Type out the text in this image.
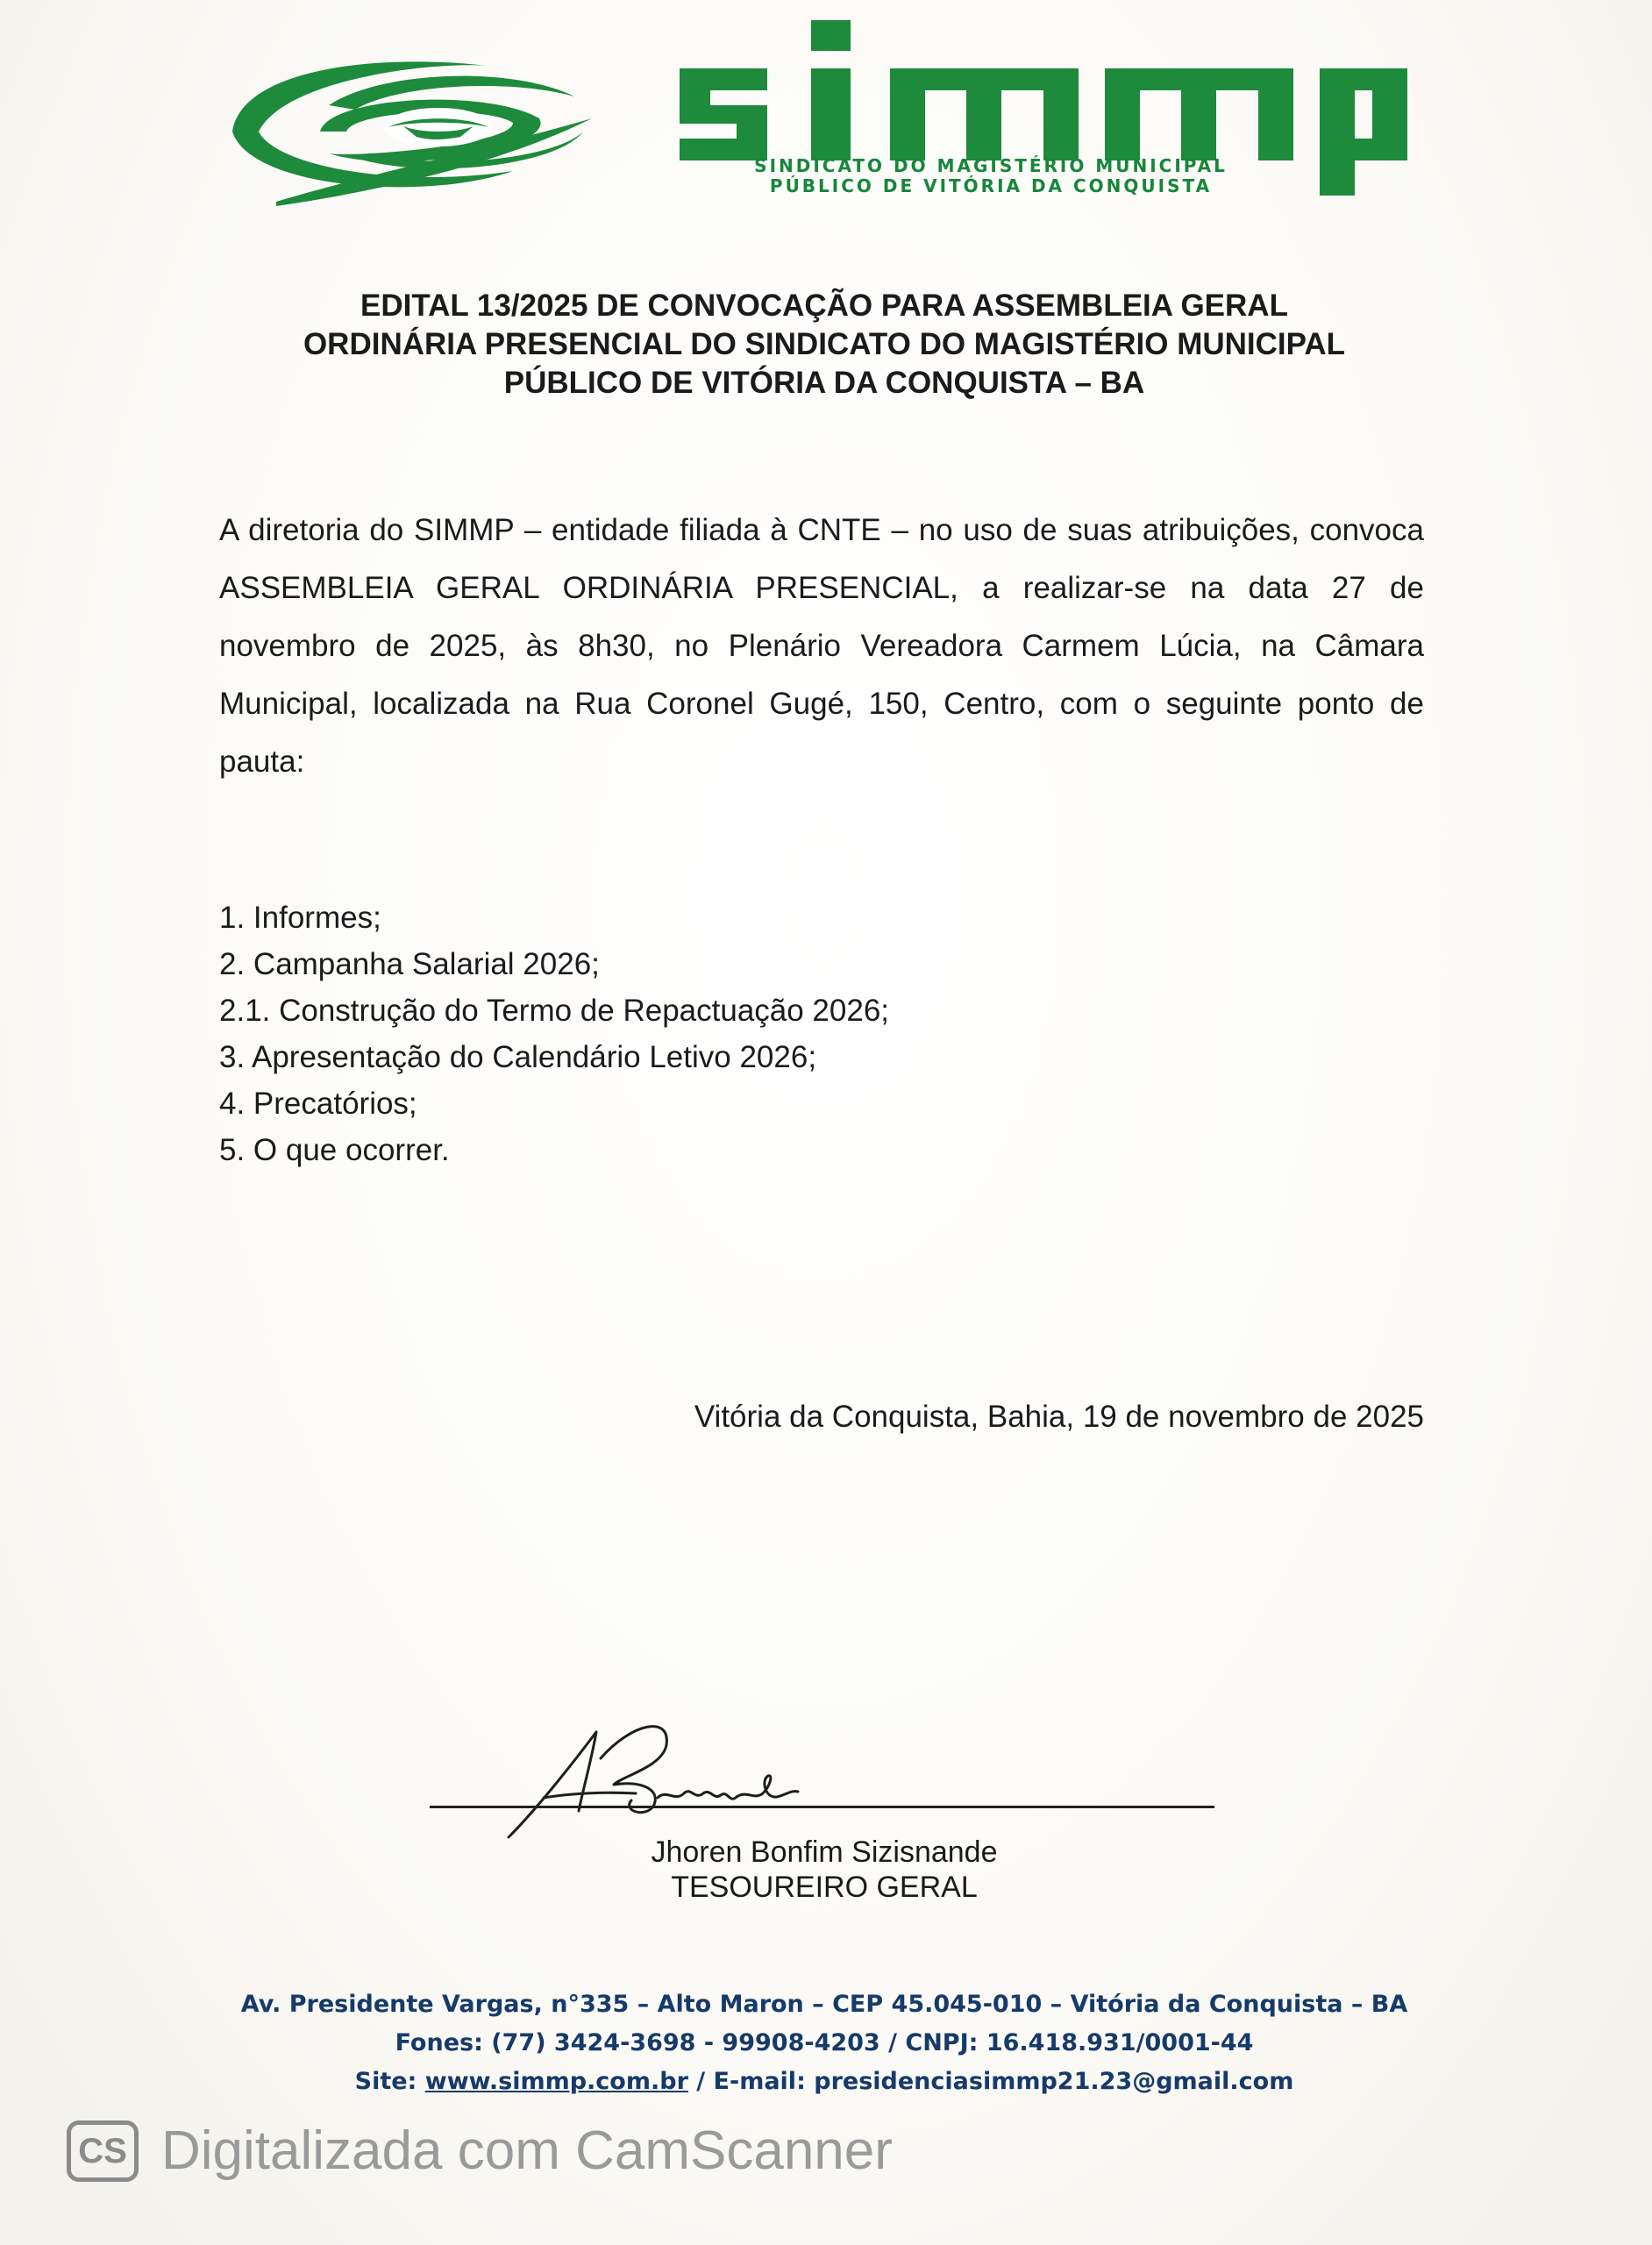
SINDICATO DO MAGISTÉRIO MUNICIPAL
PÚBLICO DE VITÓRIA DA CONQUISTA
EDITAL 13/2025 DE CONVOCAÇÃO PARA ASSEMBLEIA GERAL
ORDINÁRIA PRESENCIAL DO SINDICATO DO MAGISTÉRIO MUNICIPAL
PÚBLICO DE VITÓRIA DA CONQUISTA – BA
A diretoria do SIMMP – entidade filiada à CNTE – no uso de suas atribuições, convoca ASSEMBLEIA GERAL ORDINÁRIA PRESENCIAL, a realizar-se na data 27 de novembro de 2025, às 8h30, no Plenário Vereadora Carmem Lúcia, na Câmara Municipal, localizada na Rua Coronel Gugé, 150, Centro, com o seguinte ponto de pauta:
1. Informes;
2. Campanha Salarial 2026;
2.1. Construção do Termo de Repactuação 2026;
3. Apresentação do Calendário Letivo 2026;
4. Precatórios;
5. O que ocorrer.
Vitória da Conquista, Bahia, 19 de novembro de 2025
Jhoren Bonfim Sizisnande
TESOUREIRO GERAL
Av. Presidente Vargas, n°335 – Alto Maron – CEP 45.045-010 – Vitória da Conquista – BA
Fones: (77) 3424-3698 - 99908-4203 / CNPJ: 16.418.931/0001-44
Site: www.simmp.com.br / E-mail: presidenciasimmp21.23@gmail.com
CS Digitalizada com CamScanner
